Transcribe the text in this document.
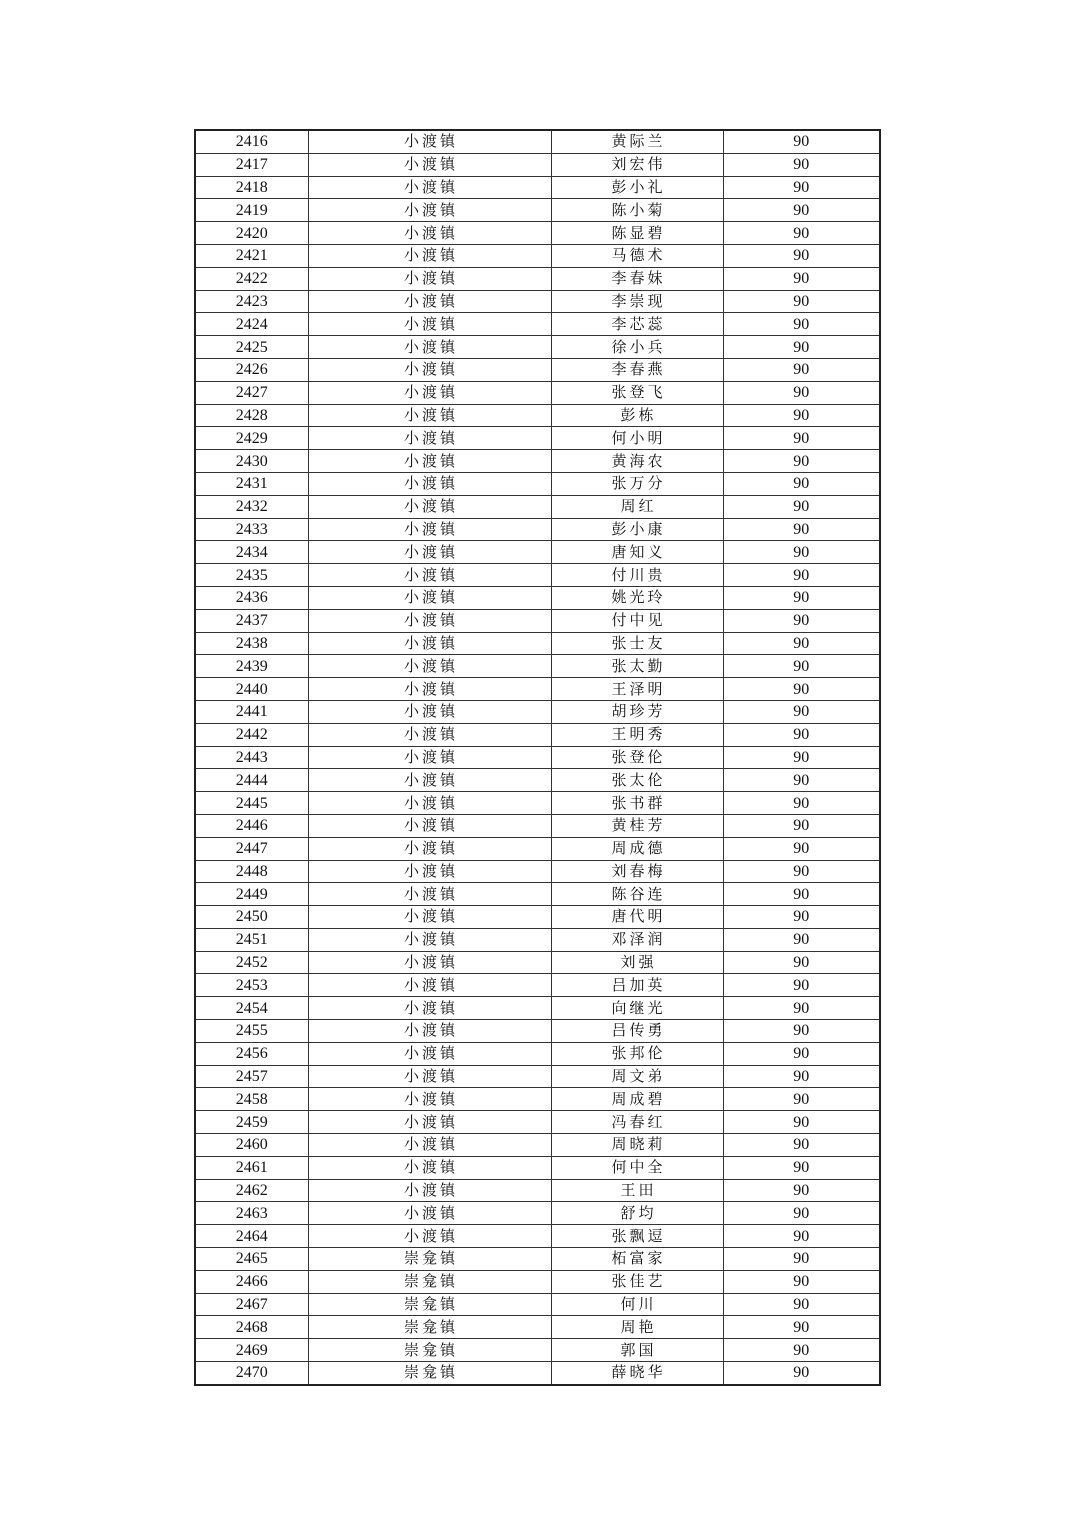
2416	小渡镇	黄际兰	90
2417	小渡镇	刘宏伟	90
2418	小渡镇	彭小礼	90
2419	小渡镇	陈小菊	90
2420	小渡镇	陈显碧	90
2421	小渡镇	马德术	90
2422	小渡镇	李春妹	90
2423	小渡镇	李崇现	90
2424	小渡镇	李芯蕊	90
2425	小渡镇	徐小兵	90
2426	小渡镇	李春燕	90
2427	小渡镇	张登飞	90
2428	小渡镇	彭栋	90
2429	小渡镇	何小明	90
2430	小渡镇	黄海农	90
2431	小渡镇	张万分	90
2432	小渡镇	周红	90
2433	小渡镇	彭小康	90
2434	小渡镇	唐知义	90
2435	小渡镇	付川贵	90
2436	小渡镇	姚光玲	90
2437	小渡镇	付中见	90
2438	小渡镇	张士友	90
2439	小渡镇	张太勤	90
2440	小渡镇	王泽明	90
2441	小渡镇	胡珍芳	90
2442	小渡镇	王明秀	90
2443	小渡镇	张登伦	90
2444	小渡镇	张太伦	90
2445	小渡镇	张书群	90
2446	小渡镇	黄桂芳	90
2447	小渡镇	周成德	90
2448	小渡镇	刘春梅	90
2449	小渡镇	陈谷连	90
2450	小渡镇	唐代明	90
2451	小渡镇	邓泽润	90
2452	小渡镇	刘强	90
2453	小渡镇	吕加英	90
2454	小渡镇	向继光	90
2455	小渡镇	吕传勇	90
2456	小渡镇	张邦伦	90
2457	小渡镇	周文弟	90
2458	小渡镇	周成碧	90
2459	小渡镇	冯春红	90
2460	小渡镇	周晓莉	90
2461	小渡镇	何中全	90
2462	小渡镇	王田	90
2463	小渡镇	舒均	90
2464	小渡镇	张飘逗	90
2465	崇龛镇	柘富家	90
2466	崇龛镇	张佳艺	90
2467	崇龛镇	何川	90
2468	崇龛镇	周艳	90
2469	崇龛镇	郭国	90
2470	崇龛镇	薛晓华	90
